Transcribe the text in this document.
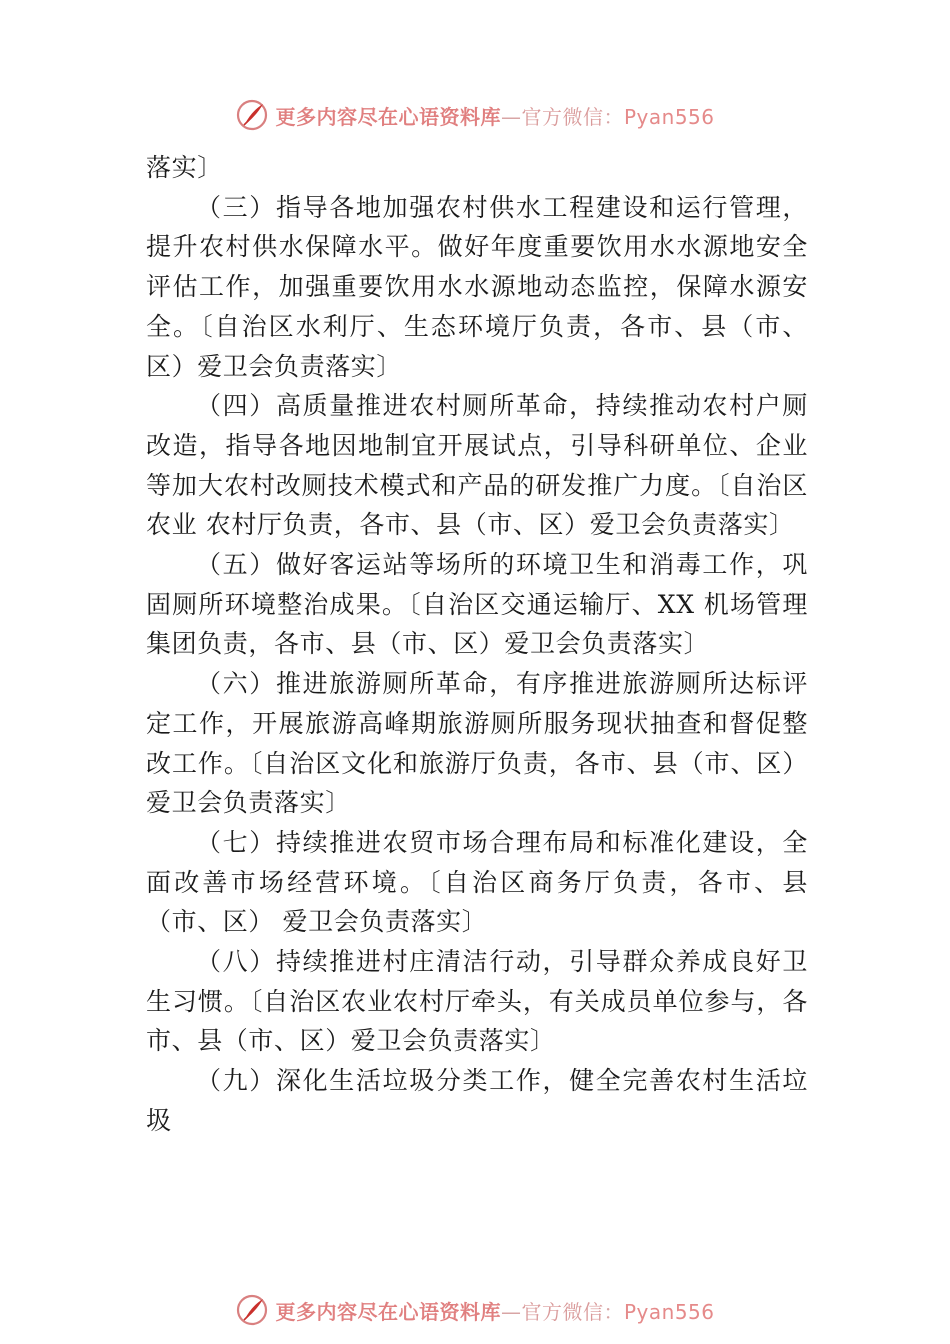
更多内容尽在心语资料库—官方微信：Pyan556

落实〕

（三）指导各地加强农村供水工程建设和运行管理，提升农村供水保障水平。做好年度重要饮用水水源地安全评估工作，加强重要饮用水水源地动态监控，保障水源安全。〔自治区水利厅、生态环境厅负责，各市、县（市、区）爱卫会负责落实〕

（四）高质量推进农村厕所革命，持续推动农村户厕改造，指导各地因地制宜开展试点，引导科研单位、企业等加大农村改厕技术模式和产品的研发推广力度。〔自治区农业 农村厅负责，各市、县（市、区）爱卫会负责落实〕

（五）做好客运站等场所的环境卫生和消毒工作，巩固厕所环境整治成果。〔自治区交通运输厅、XX 机场管理集团负责，各市、县（市、区）爱卫会负责落实〕

（六）推进旅游厕所革命，有序推进旅游厕所达标评定工作，开展旅游高峰期旅游厕所服务现状抽查和督促整改工作。〔自治区文化和旅游厅负责，各市、县（市、区）爱卫会负责落实〕

（七）持续推进农贸市场合理布局和标准化建设，全面改善市场经营环境。〔自治区商务厅负责，各市、县（市、区） 爱卫会负责落实〕

（八）持续推进村庄清洁行动，引导群众养成良好卫生习惯。〔自治区农业农村厅牵头，有关成员单位参与，各市、县（市、区）爱卫会负责落实〕

（九）深化生活垃圾分类工作，健全完善农村生活垃圾

更多内容尽在心语资料库—官方微信：Pyan556
